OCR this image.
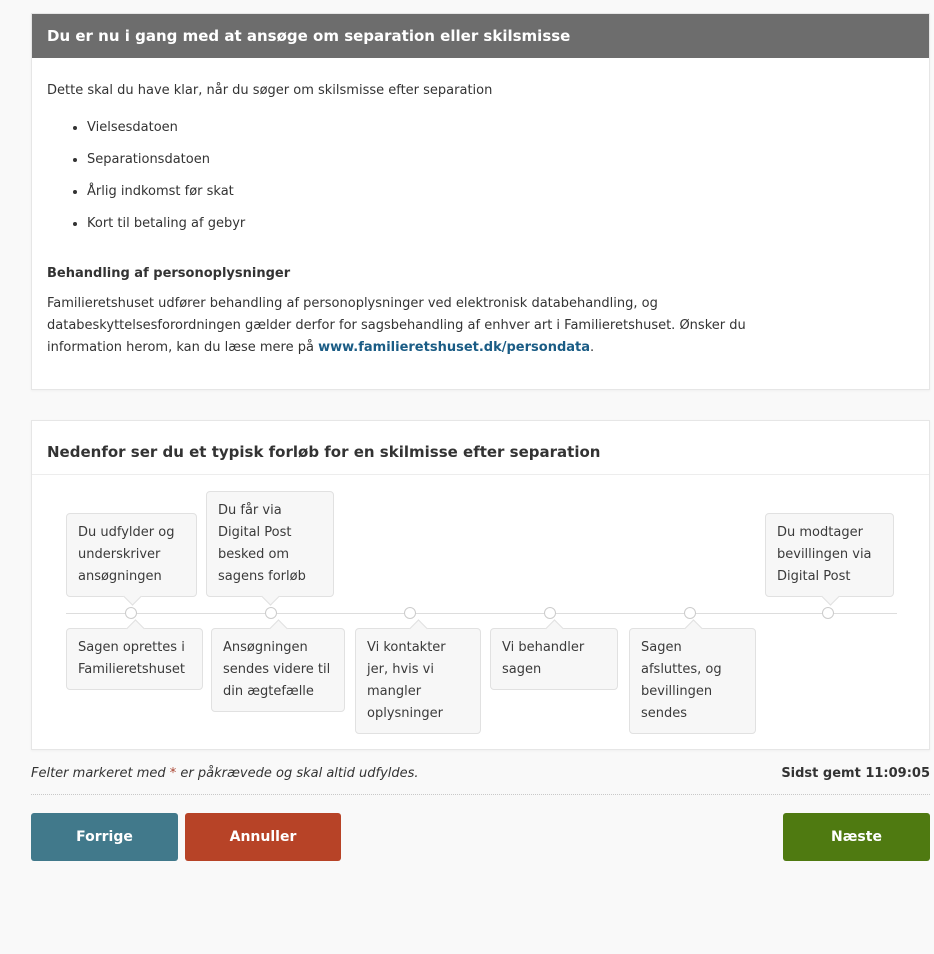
Du er nu i gang med at ansøge om separation eller skilsmisse

Dette skal du have klar, når du søger om skilsmisse efter separation

• Vielsesdatoen
• Separationsdatoen
• Årlig indkomst før skat
• Kort til betaling af gebyr
Behandling af personoplysninger

Familieretshuset udfører behandling af personoplysninger ved elektronisk databehandling, og databeskyttelsesforordningen gælder derfor for sagsbehandling af enhver art i Familieretshuset. Ønsker du information herom, kan du læse mere på www.familieretshuset.dk/persondata.

Nedenfor ser du et typisk forløb for en skilmisse efter separation
Du udfylder og underskriver ansøgningen
Du får via Digital Post besked om sagens forløb
Du modtager bevillingen via Digital Post
Sagen oprettes i Familieretshuset
Ansøgningen sendes videre til din ægtefælle
Vi kontakter jer, hvis vi mangler oplysninger
Vi behandler sagen
Sagen afsluttes, og bevillingen sendes

Felter markeret med * er påkrævede og skal altid udfyldes.	Sidst gemt 11:09:05
Forrige	Annuller	Næste
